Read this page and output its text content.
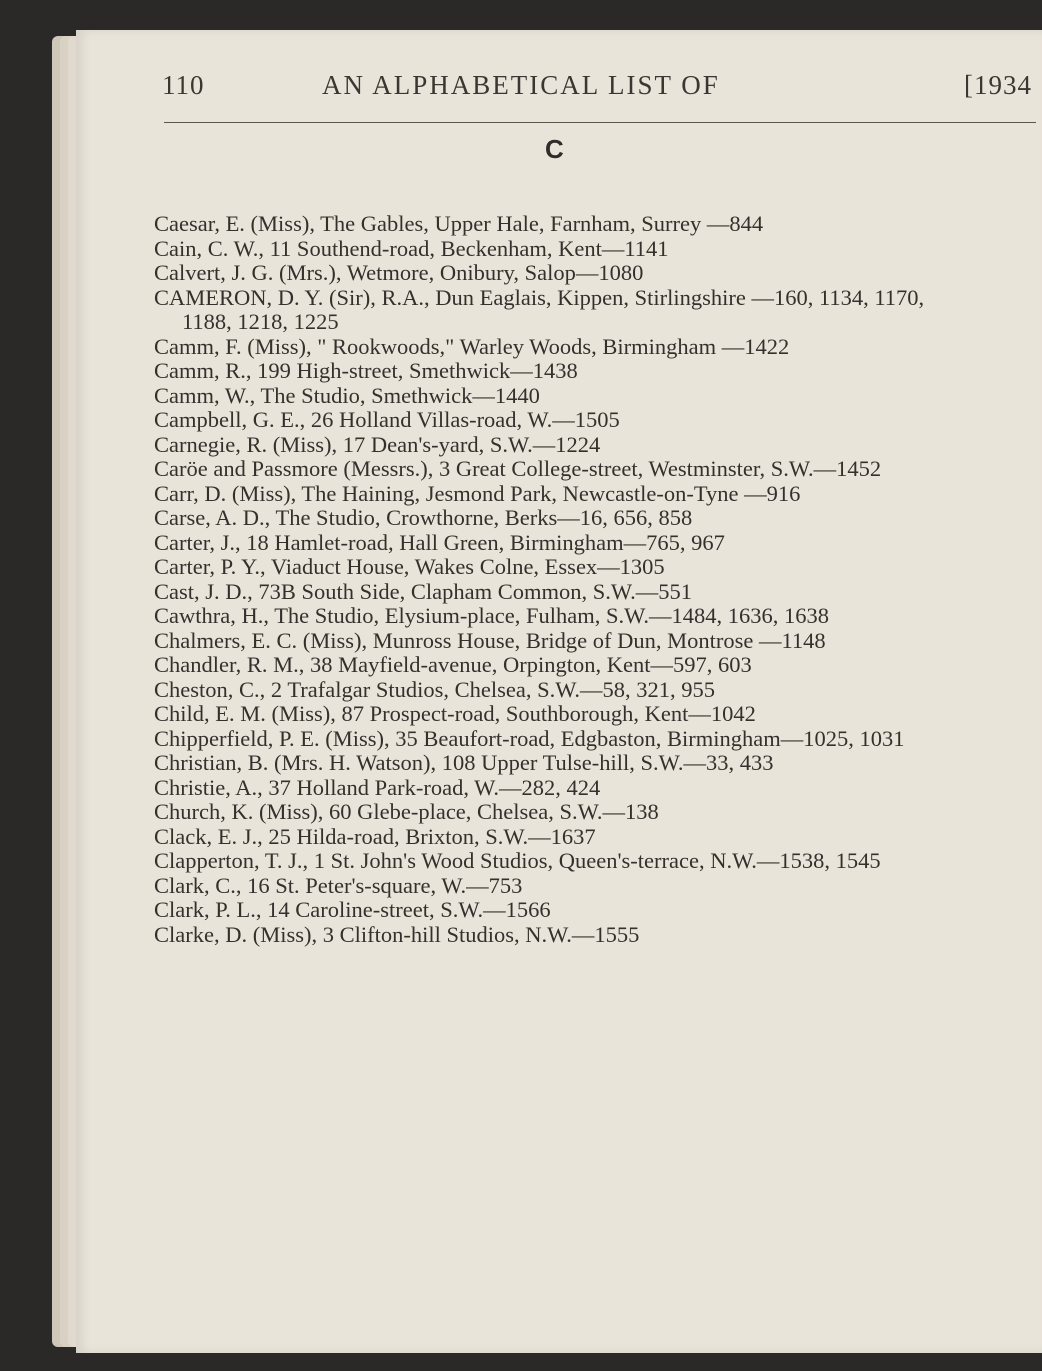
110	AN ALPHABETICAL LIST OF	[1934
C

Caesar, E. (Miss), The Gables, Upper Hale, Farnham, Surrey —844

Cain, C. W., 11 Southend-road, Beckenham, Kent—1141

Calvert, J. G. (Mrs.), Wetmore, Onibury, Salop—1080

CAMERON, D. Y. (Sir), R.A., Dun Eaglais, Kippen, Stirlingshire —160, 1134, 1170, 1188, 1218, 1225

Camm, F. (Miss), " Rookwoods," Warley Woods, Birmingham —1422

Camm, R., 199 High-street, Smethwick—1438

Camm, W., The Studio, Smethwick—1440

Campbell, G. E., 26 Holland Villas-road, W.—1505

Carnegie, R. (Miss), 17 Dean's-yard, S.W.—1224

Caröe and Passmore (Messrs.), 3 Great College-street, Westminster, S.W.—1452

Carr, D. (Miss), The Haining, Jesmond Park, Newcastle-on-Tyne —916

Carse, A. D., The Studio, Crowthorne, Berks—16, 656, 858

Carter, J., 18 Hamlet-road, Hall Green, Birmingham—765, 967

Carter, P. Y., Viaduct House, Wakes Colne, Essex—1305

Cast, J. D., 73B South Side, Clapham Common, S.W.—551

Cawthra, H., The Studio, Elysium-place, Fulham, S.W.—1484, 1636, 1638

Chalmers, E. C. (Miss), Munross House, Bridge of Dun, Montrose —1148

Chandler, R. M., 38 Mayfield-avenue, Orpington, Kent—597, 603

Cheston, C., 2 Trafalgar Studios, Chelsea, S.W.—58, 321, 955

Child, E. M. (Miss), 87 Prospect-road, Southborough, Kent—1042

Chipperfield, P. E. (Miss), 35 Beaufort-road, Edgbaston, Birmingham—1025, 1031

Christian, B. (Mrs. H. Watson), 108 Upper Tulse-hill, S.W.—33, 433

Christie, A., 37 Holland Park-road, W.—282, 424

Church, K. (Miss), 60 Glebe-place, Chelsea, S.W.—138

Clack, E. J., 25 Hilda-road, Brixton, S.W.—1637

Clapperton, T. J., 1 St. John's Wood Studios, Queen's-terrace, N.W.—1538, 1545

Clark, C., 16 St. Peter's-square, W.—753

Clark, P. L., 14 Caroline-street, S.W.—1566

Clarke, D. (Miss), 3 Clifton-hill Studios, N.W.—1555
